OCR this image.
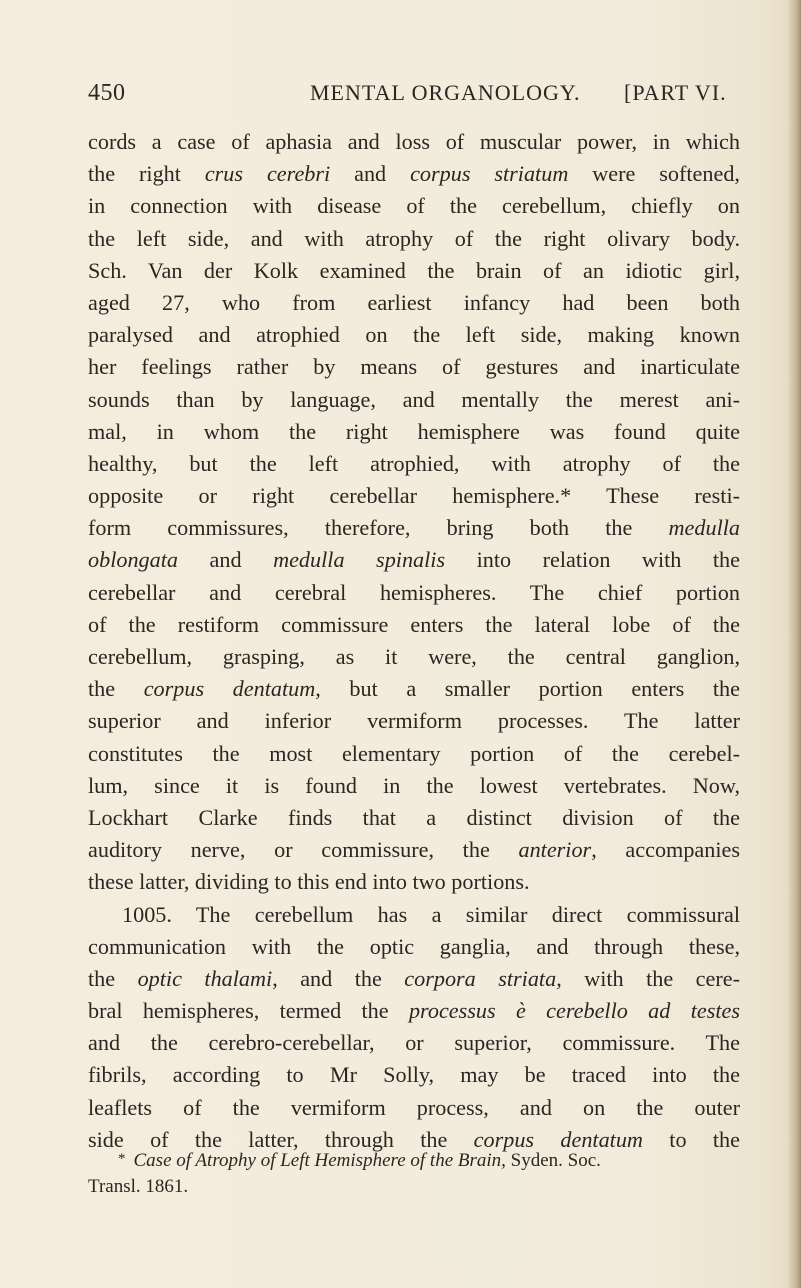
450	MENTAL ORGANOLOGY. [PART VI.
cords a case of aphasia and loss of muscular power, in which
the right crus cerebri and corpus striatum were softened,
in connection with disease of the cerebellum, chiefly on
the left side, and with atrophy of the right olivary body.
Sch. Van der Kolk examined the brain of an idiotic girl,
aged 27, who from earliest infancy had been both
paralysed and atrophied on the left side, making known
her feelings rather by means of gestures and inarticulate
sounds than by language, and mentally the merest ani-
mal, in whom the right hemisphere was found quite
healthy, but the left atrophied, with atrophy of the
opposite or right cerebellar hemisphere.* These resti-
form commissures, therefore, bring both the medulla
oblongata and medulla spinalis into relation with the
cerebellar and cerebral hemispheres. The chief portion
of the restiform commissure enters the lateral lobe of the
cerebellum, grasping, as it were, the central ganglion,
the corpus dentatum, but a smaller portion enters the
superior and inferior vermiform processes. The latter
constitutes the most elementary portion of the cerebel-
lum, since it is found in the lowest vertebrates. Now,
Lockhart Clarke finds that a distinct division of the
auditory nerve, or commissure, the anterior, accompanies
these latter, dividing to this end into two portions.
1005. The cerebellum has a similar direct commissural
communication with the optic ganglia, and through these,
the optic thalami, and the corpora striata, with the cere-
bral hemispheres, termed the processus è cerebello ad testes
and the cerebro-cerebellar, or superior, commissure. The
fibrils, according to Mr Solly, may be traced into the
leaflets of the vermiform process, and on the outer
side of the latter, through the corpus dentatum to the
* Case of Atrophy of Left Hemisphere of the Brain, Syden. Soc.
Transl. 1861.
